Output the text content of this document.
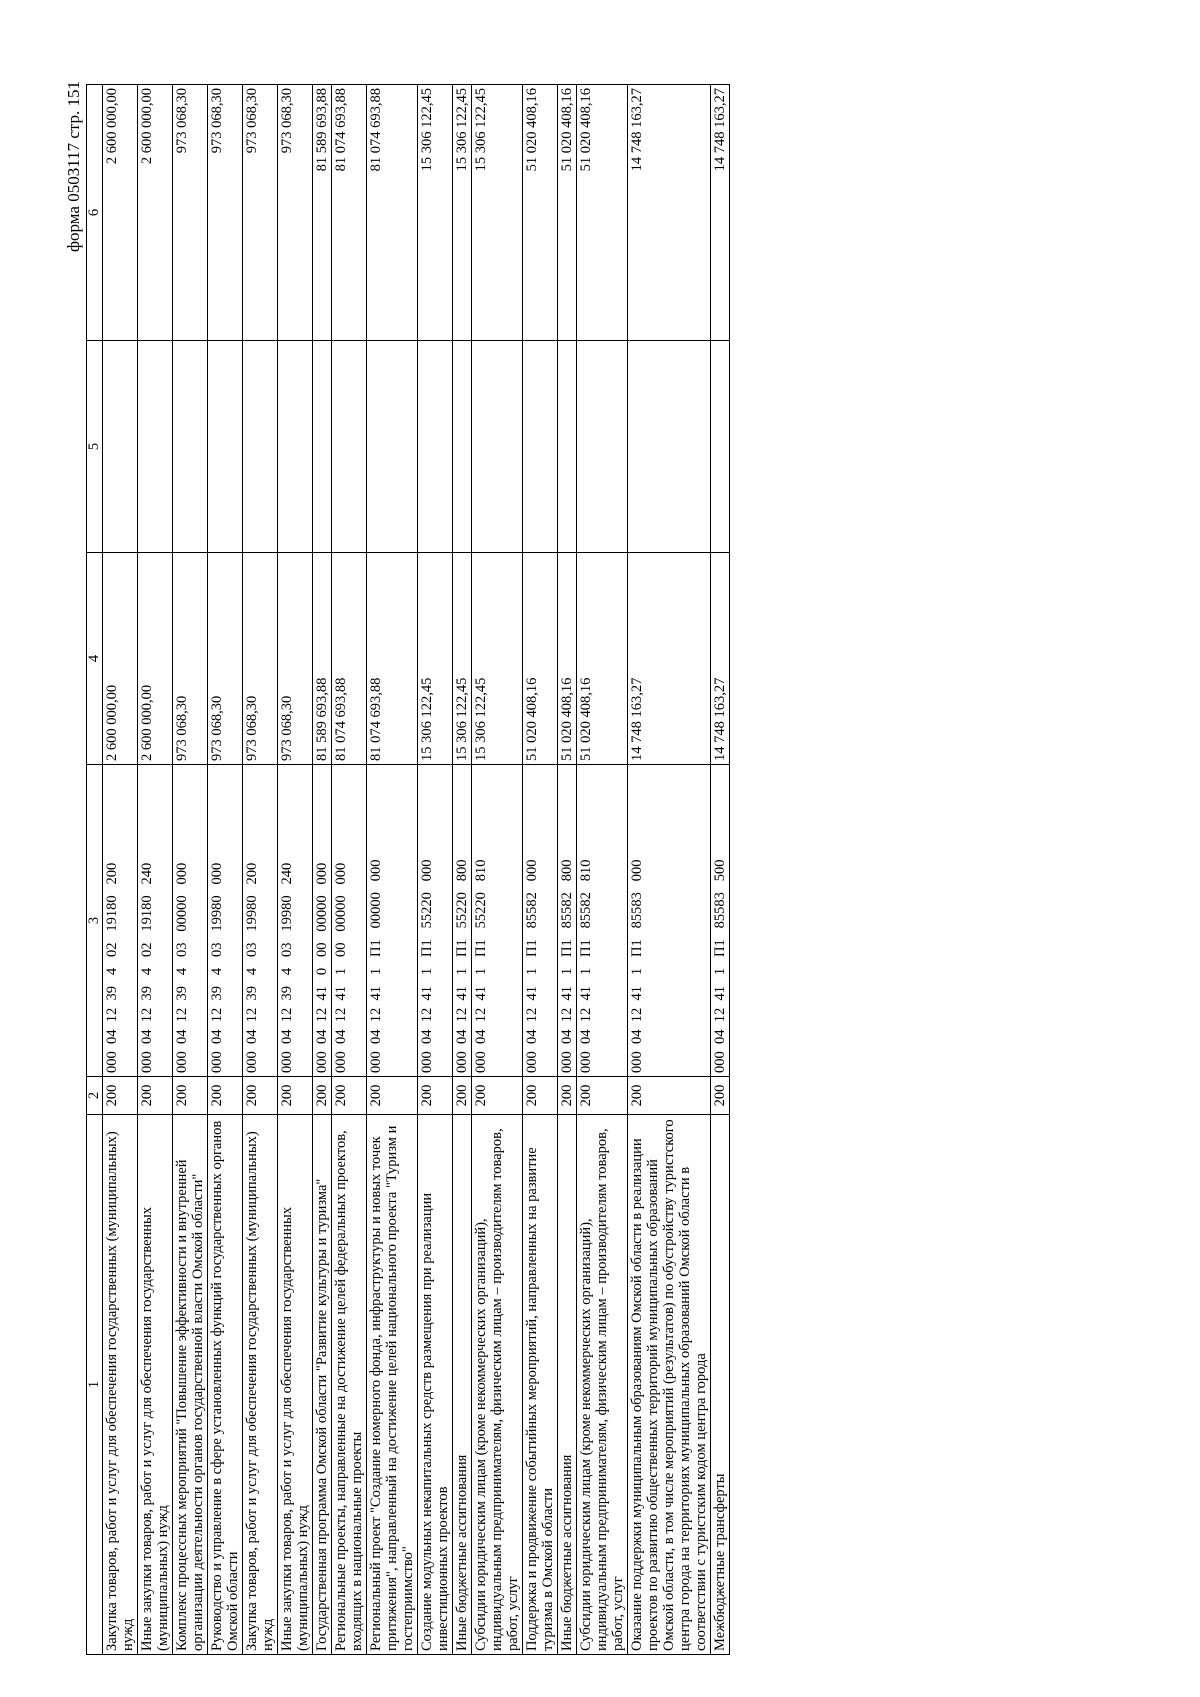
форма 0503117 стр. 151
1	2	3	4	5	6
Закупка товаров, работ и услуг для обеспечения государственных (муниципальных) нужд	200	000  04  12  39   4   02   19180   200	2 600 000,00		2 600 000,00
Иные закупки товаров, работ и услуг для обеспечения государственных (муниципальных) нужд	200	000  04  12  39   4   02   19180   240	2 600 000,00		2 600 000,00
Комплекс процессных мероприятий "Повышение эффективности и внутренней организации деятельности органов государственной власти Омской области"	200	000  04  12  39   4   03   00000   000	973 068,30		973 068,30
Руководство и управление в сфере установленных функций государственных органов Омской области	200	000  04  12  39   4   03   19980   000	973 068,30		973 068,30
Закупка товаров, работ и услуг для обеспечения государственных (муниципальных) нужд	200	000  04  12  39   4   03   19980   200	973 068,30		973 068,30
Иные закупки товаров, работ и услуг для обеспечения государственных (муниципальных) нужд	200	000  04  12  39   4   03   19980   240	973 068,30		973 068,30
Государственная программа Омской области "Развитие культуры и туризма"	200	000  04  12  41   0   00   00000   000	81 589 693,88		81 589 693,88
Региональные проекты, направленные на достижение целей федеральных проектов, входящих в национальные проекты	200	000  04  12  41   1   00   00000   000	81 074 693,88		81 074 693,88
Региональный проект "Создание номерного фонда, инфраструктуры и новых точек притяжения", направленный на достижение целей национального проекта "Туризм и гостеприимство"	200	000  04  12  41   1   П1   00000   000	81 074 693,88		81 074 693,88
Создание модульных некапитальных средств размещения при реализации инвестиционных проектов	200	000  04  12  41   1   П1   55220   000	15 306 122,45		15 306 122,45
Иные бюджетные ассигнования	200	000  04  12  41   1   П1   55220   800	15 306 122,45		15 306 122,45
Субсидии юридическим лицам (кроме некоммерческих организаций), индивидуальным предпринимателям, физическим лицам – производителям товаров, работ, услуг	200	000  04  12  41   1   П1   55220   810	15 306 122,45		15 306 122,45
Поддержка и продвижение событийных мероприятий, направленных на развитие туризма в Омской области	200	000  04  12  41   1   П1   85582   000	51 020 408,16		51 020 408,16
Иные бюджетные ассигнования	200	000  04  12  41   1   П1   85582   800	51 020 408,16		51 020 408,16
Субсидии юридическим лицам (кроме некоммерческих организаций), индивидуальным предпринимателям, физическим лицам – производителям товаров, работ, услуг	200	000  04  12  41   1   П1   85582   810	51 020 408,16		51 020 408,16
Оказание поддержки муниципальным образованиям Омской области в реализации проектов по развитию общественных территорий муниципальных образований Омской области, в том числе мероприятий (результатов) по обустройству туристского центра города на территориях муниципальных образований Омской области в соответствии с туристским кодом центра города	200	000  04  12  41   1   П1   85583   000	14 748 163,27		14 748 163,27
Межбюджетные трансферты	200	000  04  12  41   1   П1   85583   500	14 748 163,27		14 748 163,27
